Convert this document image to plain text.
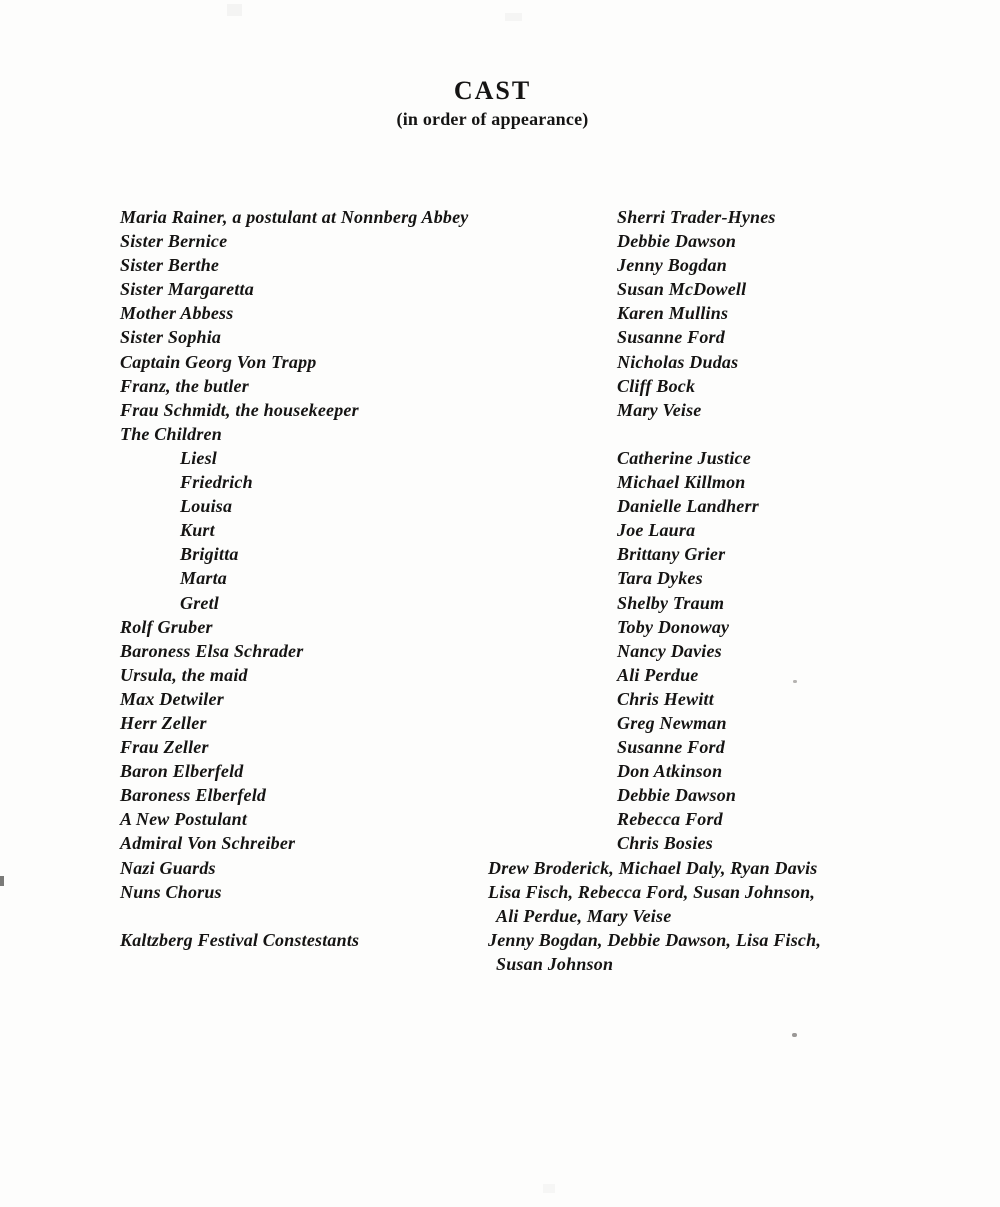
CAST
(in order of appearance)
Maria Rainer, a postulant at Nonnberg Abbey	Sherri Trader-Hynes
Sister Bernice	Debbie Dawson
Sister Berthe	Jenny Bogdan
Sister Margaretta	Susan McDowell
Mother Abbess	Karen Mullins
Sister Sophia	Susanne Ford
Captain Georg Von Trapp	Nicholas Dudas
Franz, the butler	Cliff Bock
Frau Schmidt, the housekeeper	Mary Veise
The Children
Liesl	Catherine Justice
Friedrich	Michael Killmon
Louisa	Danielle Landherr
Kurt	Joe Laura
Brigitta	Brittany Grier
Marta	Tara Dykes
Gretl	Shelby Traum
Rolf Gruber	Toby Donoway
Baroness Elsa Schrader	Nancy Davies
Ursula, the maid	Ali Perdue
Max Detwiler	Chris Hewitt
Herr Zeller	Greg Newman
Frau Zeller	Susanne Ford
Baron Elberfeld	Don Atkinson
Baroness Elberfeld	Debbie Dawson
A New Postulant	Rebecca Ford
Admiral Von Schreiber	Chris Bosies
Nazi Guards	Drew Broderick, Michael Daly, Ryan Davis
Nuns Chorus	Lisa Fisch, Rebecca Ford, Susan Johnson,
Ali Perdue, Mary Veise
Kaltzberg Festival Constestants	Jenny Bogdan, Debbie Dawson, Lisa Fisch,
Susan Johnson
